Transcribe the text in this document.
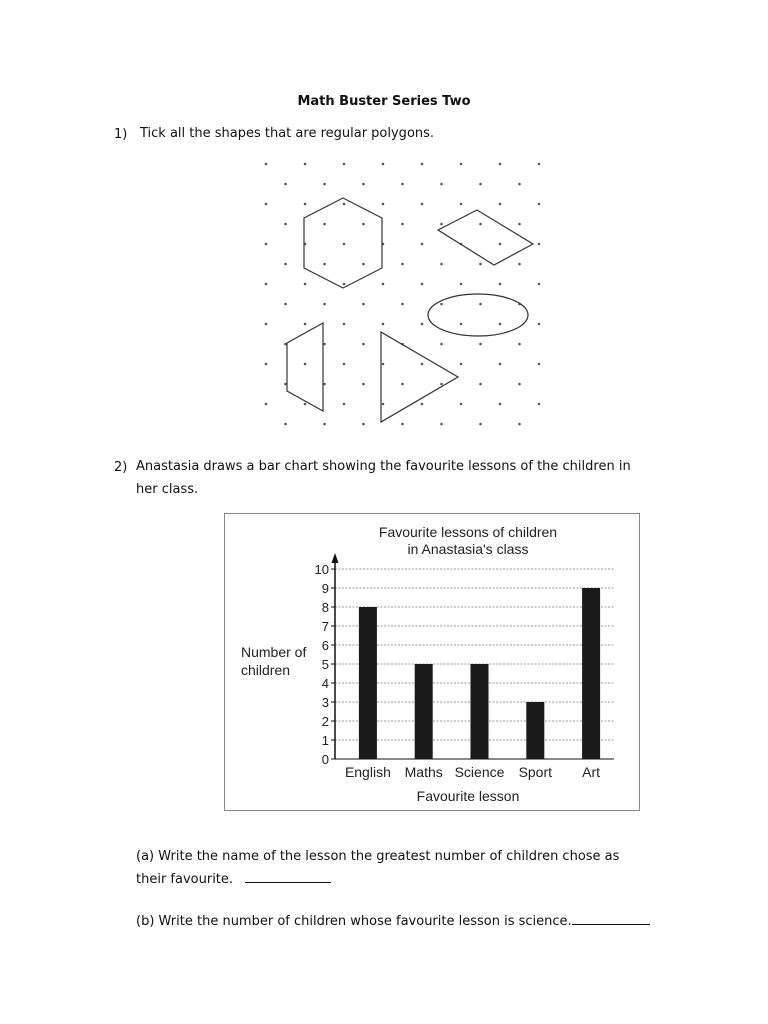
Math Buster Series Two
1) Tick all the shapes that are regular polygons.
2) Anastasia draws a bar chart showing the favourite lessons of the children in
her class.
Favourite lessons of children
in Anastasia's class
Number of
children
Favourite lesson
0
1
2
3
4
5
6
7
8
9
10
English Maths Science Sport Art
(a) Write the name of the lesson the greatest number of children chose as
their favourite.
(b) Write the number of children whose favourite lesson is science.
